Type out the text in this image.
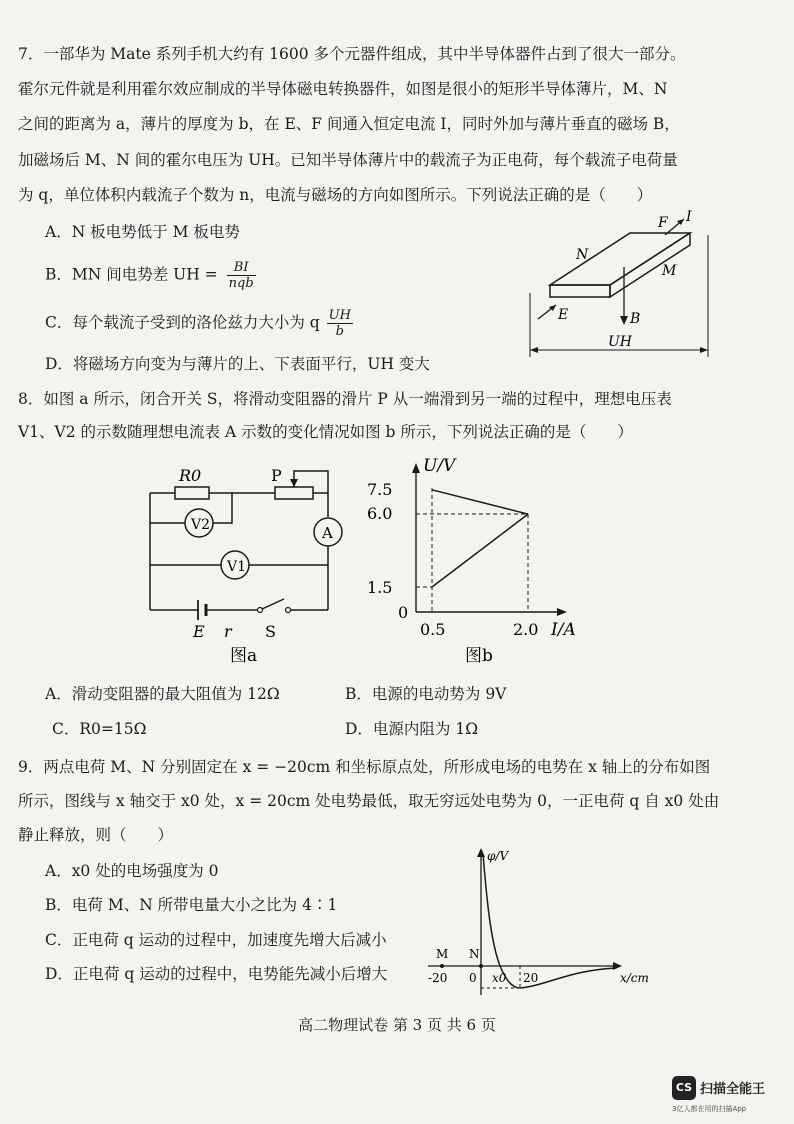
7．一部华为 Mate 系列手机大约有 1600 多个元器件组成，其中半导体器件占到了很大一部分。
霍尔元件就是利用霍尔效应制成的半导体磁电转换器件，如图是很小的矩形半导体薄片，M、N
之间的距离为 a，薄片的厚度为 b，在 E、F 间通入恒定电流 I，同时外加与薄片垂直的磁场 B，
加磁场后 M、N 间的霍尔电压为 UH。已知半导体薄片中的载流子为正电荷，每个载流子电荷量
为 q，单位体积内载流子个数为 n，电流与磁场的方向如图所示。下列说法正确的是（　　）
A．N 板电势低于 M 板电势
B．MN 间电势差 UH =	BI
nqb
C．每个载流子受到的洛伦兹力大小为 q $\frac{UH}{b}$
D．将磁场方向变为与薄片的上、下表面平行，UH 变大
F I
N
M
E	B
UH
8．如图 a 所示，闭合开关 S，将滑动变阻器的滑片 P 从一端滑到另一端的过程中，理想电压表
V1、V2 的示数随理想电流表 A 示数的变化情况如图 b 所示，下列说法正确的是（　　）
R0	P
A
V2
V1
E r S
图a
U/V
7.5
6.0
1.5
0
0.5	2.0 I/A
图b
A．滑动变阻器的最大阻值为 12Ω	B．电源的电动势为 9V
C．R0=15Ω	D．电源内阻为 1Ω
9．两点电荷 M、N 分别固定在 x = −20cm 和坐标原点处，所形成电场的电势在 x 轴上的分布如图
所示，图线与 x 轴交于 x0 处，x = 20cm 处电势最低，取无穷远处电势为 0，一正电荷 q 自 x0 处由
静止释放，则（　　）
A．x0 处的电场强度为 0
B．电荷 M、N 所带电量大小之比为 4∶1
C．正电荷 q 运动的过程中，加速度先增大后减小
D．正电荷 q 运动的过程中，电势能先减小后增大
φ/V
M N
-20 0 x0 20	x/cm
高二物理试卷 第 3 页 共 6 页
CS 扫描全能王
3亿人都在用的扫描App
